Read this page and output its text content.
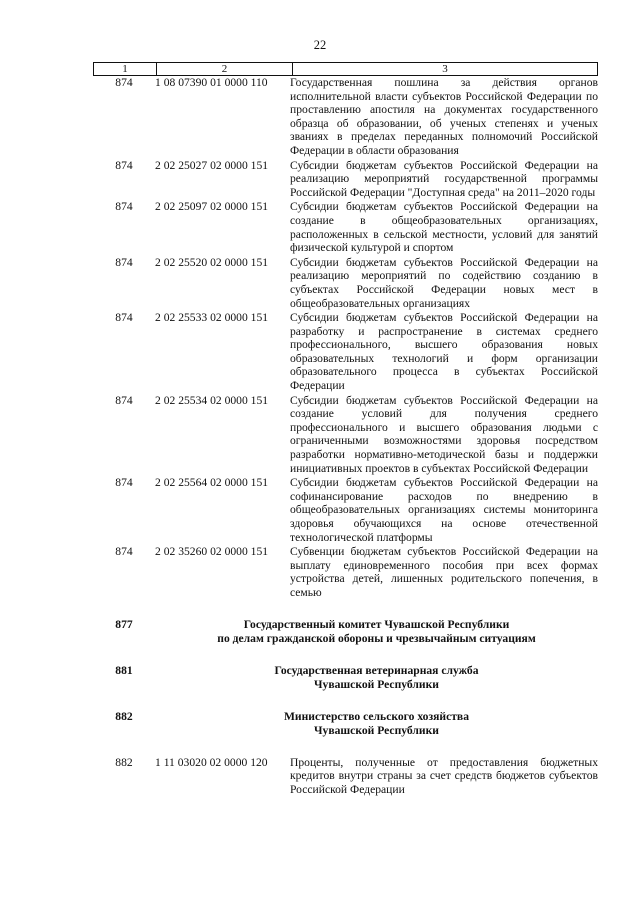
22
1	2	3
874	1 08 07390 01 0000 110	Государственная пошлина за действия органов исполнительной власти субъектов Российской Федерации по проставлению апостиля на документах государственного образца об образовании, об ученых степенях и ученых званиях в пределах переданных полномочий Российской Федерации в области образования
874	2 02 25027 02 0000 151	Субсидии бюджетам субъектов Российской Федерации на реализацию мероприятий государственной программы Российской Федерации "Доступная среда" на 2011–2020 годы
874	2 02 25097 02 0000 151	Субсидии бюджетам субъектов Российской Федерации на создание в общеобразовательных организациях, расположенных в сельской местности, условий для занятий физической культурой и спортом
874	2 02 25520 02 0000 151	Субсидии бюджетам субъектов Российской Федерации на реализацию мероприятий по содействию созданию в субъектах Российской Федерации новых мест в общеобразовательных организациях
874	2 02 25533 02 0000 151	Субсидии бюджетам субъектов Российской Федерации на разработку и распространение в системах среднего профессионального, высшего образования новых образовательных технологий и форм организации образовательного процесса в субъектах Российской Федерации
874	2 02 25534 02 0000 151	Субсидии бюджетам субъектов Российской Федерации на создание условий для получения среднего профессионального и высшего образования людьми с ограниченными возможностями здоровья посредством разработки нормативно-методической базы и поддержки инициативных проектов в субъектах Российской Федерации
874	2 02 25564 02 0000 151	Субсидии бюджетам субъектов Российской Федерации на софинансирование расходов по внедрению в общеобразовательных организациях системы мониторинга здоровья обучающихся на основе отечественной технологической платформы
874	2 02 35260 02 0000 151	Субвенции бюджетам субъектов Российской Федерации на выплату единовременного пособия при всех формах устройства детей, лишенных родительского попечения, в семью
877	Государственный комитет Чувашской Республики
по делам гражданской обороны и чрезвычайным ситуациям
881	Государственная ветеринарная служба
Чувашской Республики
882	Министерство сельского хозяйства
Чувашской Республики
882	1 11 03020 02 0000 120	Проценты, полученные от предоставления бюджетных кредитов внутри страны за счет средств бюджетов субъектов Российской Федерации
